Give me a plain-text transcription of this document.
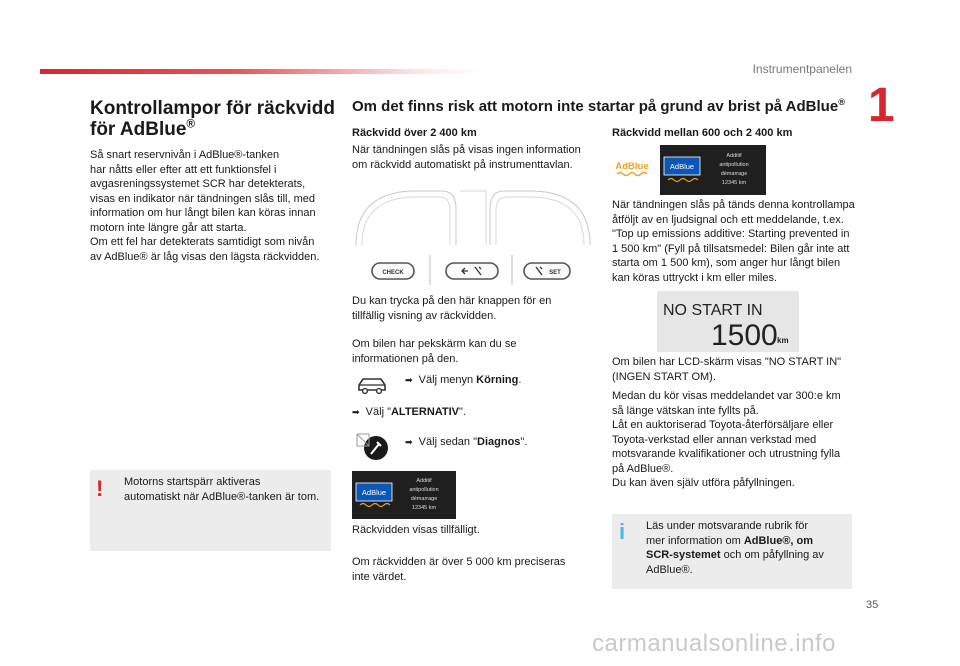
Instrumentpanelen
1
Kontrollampor för räckvidd för AdBlue®
Så snart reservnivån i AdBlue®-tanken
har nåtts eller efter att ett funktionsfel i
avgasreningssystemet SCR har detekterats,
visas en indikator när tändningen slås till, med
information om hur långt bilen kan köras innan
motorn inte längre går att starta.
Om ett fel har detekterats samtidigt som nivån
av AdBlue® är låg visas den lägsta räckvidden.
! Motorns startspärr aktiveras
automatiskt när AdBlue®-tanken är tom.
Om det finns risk att motorn inte startar på grund av brist på AdBlue®
Räckvidd över 2 400 km
När tändningen slås på visas ingen information
om räckvidd automatiskt på instrumenttavlan.
CHECK	SET
Du kan trycka på den här knappen för en
tillfällig visning av räckvidden.
Om bilen har pekskärm kan du se
informationen på den.
➡ Välj menyn Körning.
➡ Välj "ALTERNATIV".
➡ Välj sedan "Diagnos".
AdBlue
Additif
antipollution
démarrage
12345 km
Räckvidden visas tillfälligt.
Om räckvidden är över 5 000 km preciseras
inte värdet.
Räckvidd mellan 600 och 2 400 km
AdBlue	AdBlue
Additif
antipollution
démarrage
12345 km
När tändningen slås på tänds denna kontrollampa
åtföljt av en ljudsignal och ett meddelande, t.ex.
"Top up emissions additive: Starting prevented in
1 500 km" (Fyll på tillsatsmedel: Bilen går inte att
starta om 1 500 km), som anger hur långt bilen
kan köras uttryckt i km eller miles.
NO START IN
1500 km
Om bilen har LCD-skärm visas "NO START IN"
(INGEN START OM).
Medan du kör visas meddelandet var 300:e km
så länge vätskan inte fyllts på.
Låt en auktoriserad Toyota-återförsäljare eller
Toyota-verkstad eller annan verkstad med
motsvarande kvalifikationer och utrustning fylla
på AdBlue®.
Du kan även själv utföra påfyllningen.
i Läs under motsvarande rubrik för
mer information om AdBlue®, om
SCR-systemet och om påfyllning av
AdBlue®.
35
carmanualsonline.info
